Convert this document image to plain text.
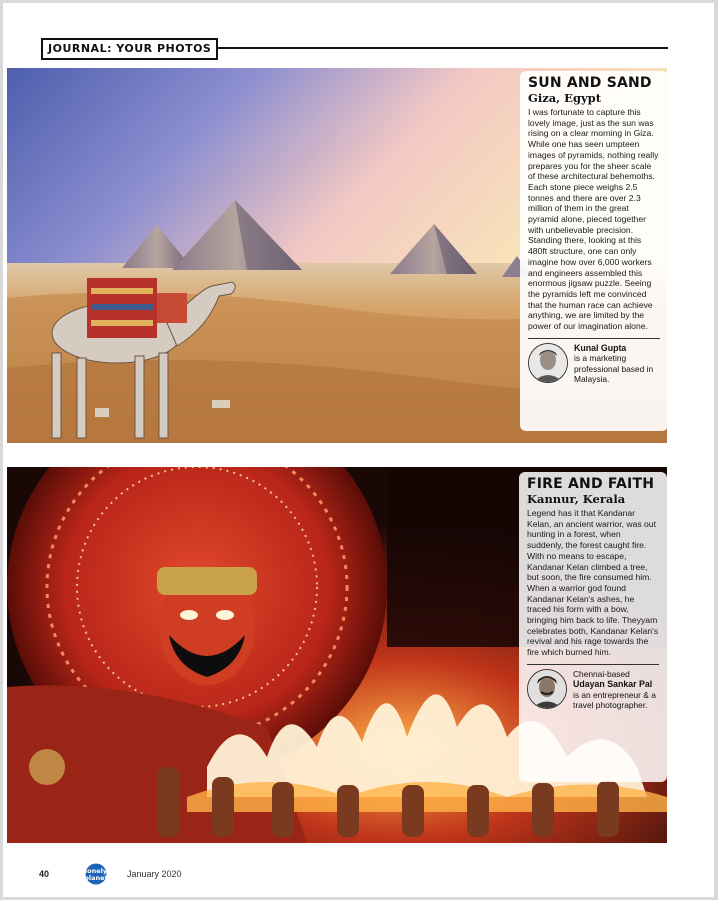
JOURNAL: YOUR PHOTOS
SUN AND SAND
Giza, Egypt

I was fortunate to capture this lovely image, just as the sun was rising on a clear morning in Giza. While one has seen umpteen images of pyramids, nothing really prepares you for the sheer scale of these architectural behemoths. Each stone piece weighs 2.5 tonnes and there are over 2.3 million of them in the great pyramid alone, pieced together with unbelievable precision. Standing there, looking at this 480ft structure, one can only imagine how over 6,000 workers and engineers assembled this enormous jigsaw puzzle. Seeing the pyramids left me convinced that the human race can achieve anything, we are limited by the power of our imagination alone.

Kunal Gupta
is a marketing professional based in Malaysia.
FIRE AND FAITH
Kannur, Kerala

Legend has it that Kandanar Kelan, an ancient warrior, was out hunting in a forest, when suddenly, the forest caught fire. With no means to escape, Kandanar Kelan climbed a tree, but soon, the fire consumed him. When a warrior god found Kandanar Kelan's ashes, he traced his form with a bow, bringing him back to life. Theyyam celebrates both, Kandanar Kelan's revival and his rage towards the fire which burned him.

Chennai-based
Udayan Sankar Pal
is an entrepreneur & a travel photographer.
40	lonely
planet January 2020
